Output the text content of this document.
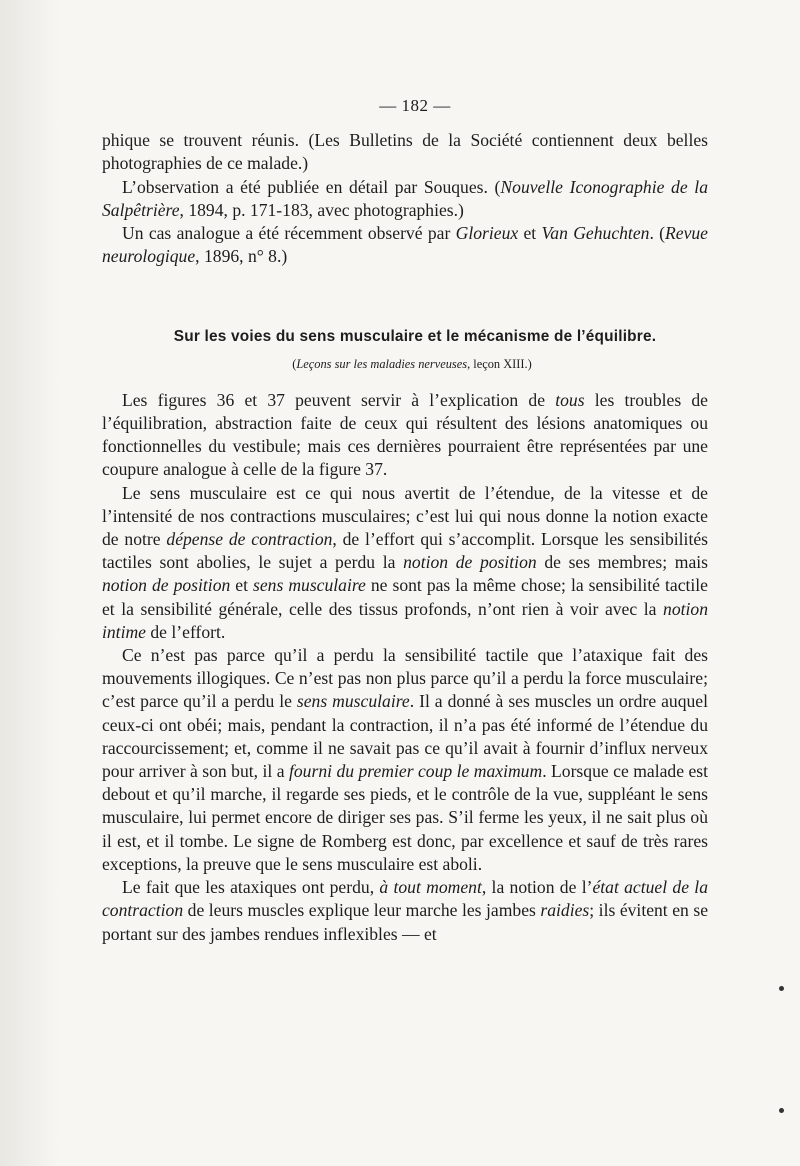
— 182 —

phique se trouvent réunis. (Les Bulletins de la Société contiennent deux belles photographies de ce malade.)

L’observation a été publiée en détail par Souques. (Nouvelle Iconographie de la Salpêtrière, 1894, p. 171-183, avec photographies.)

Un cas analogue a été récemment observé par Glorieux et Van Gehuchten. (Revue neurologique, 1896, n° 8.)

Sur les voies du sens musculaire et le mécanisme de l’équilibre.
(Leçons sur les maladies nerveuses, leçon XIII.)

Les figures 36 et 37 peuvent servir à l’explication de tous les troubles de l’équilibration, abstraction faite de ceux qui résultent des lésions anatomiques ou fonctionnelles du vestibule; mais ces dernières pourraient être représentées par une coupure analogue à celle de la figure 37.

Le sens musculaire est ce qui nous avertit de l’étendue, de la vitesse et de l’intensité de nos contractions musculaires; c’est lui qui nous donne la notion exacte de notre dépense de contraction, de l’effort qui s’accomplit. Lorsque les sensibilités tactiles sont abolies, le sujet a perdu la notion de position de ses membres; mais notion de position et sens musculaire ne sont pas la même chose; la sensibilité tactile et la sensibilité générale, celle des tissus profonds, n’ont rien à voir avec la notion intime de l’effort.

Ce n’est pas parce qu’il a perdu la sensibilité tactile que l’ataxique fait des mouvements illogiques. Ce n’est pas non plus parce qu’il a perdu la force musculaire; c’est parce qu’il a perdu le sens musculaire. Il a donné à ses muscles un ordre auquel ceux-ci ont obéi; mais, pendant la contraction, il n’a pas été informé de l’étendue du raccourcissement; et, comme il ne savait pas ce qu’il avait à fournir d’influx nerveux pour arriver à son but, il a fourni du premier coup le maximum. Lorsque ce malade est debout et qu’il marche, il regarde ses pieds, et le contrôle de la vue, suppléant le sens musculaire, lui permet encore de diriger ses pas. S’il ferme les yeux, il ne sait plus où il est, et il tombe. Le signe de Romberg est donc, par excellence et sauf de très rares exceptions, la preuve que le sens musculaire est aboli.

Le fait que les ataxiques ont perdu, à tout moment, la notion de l’état actuel de la contraction de leurs muscles explique leur marche les jambes raidies; ils évitent en se portant sur des jambes rendues inflexibles — et
